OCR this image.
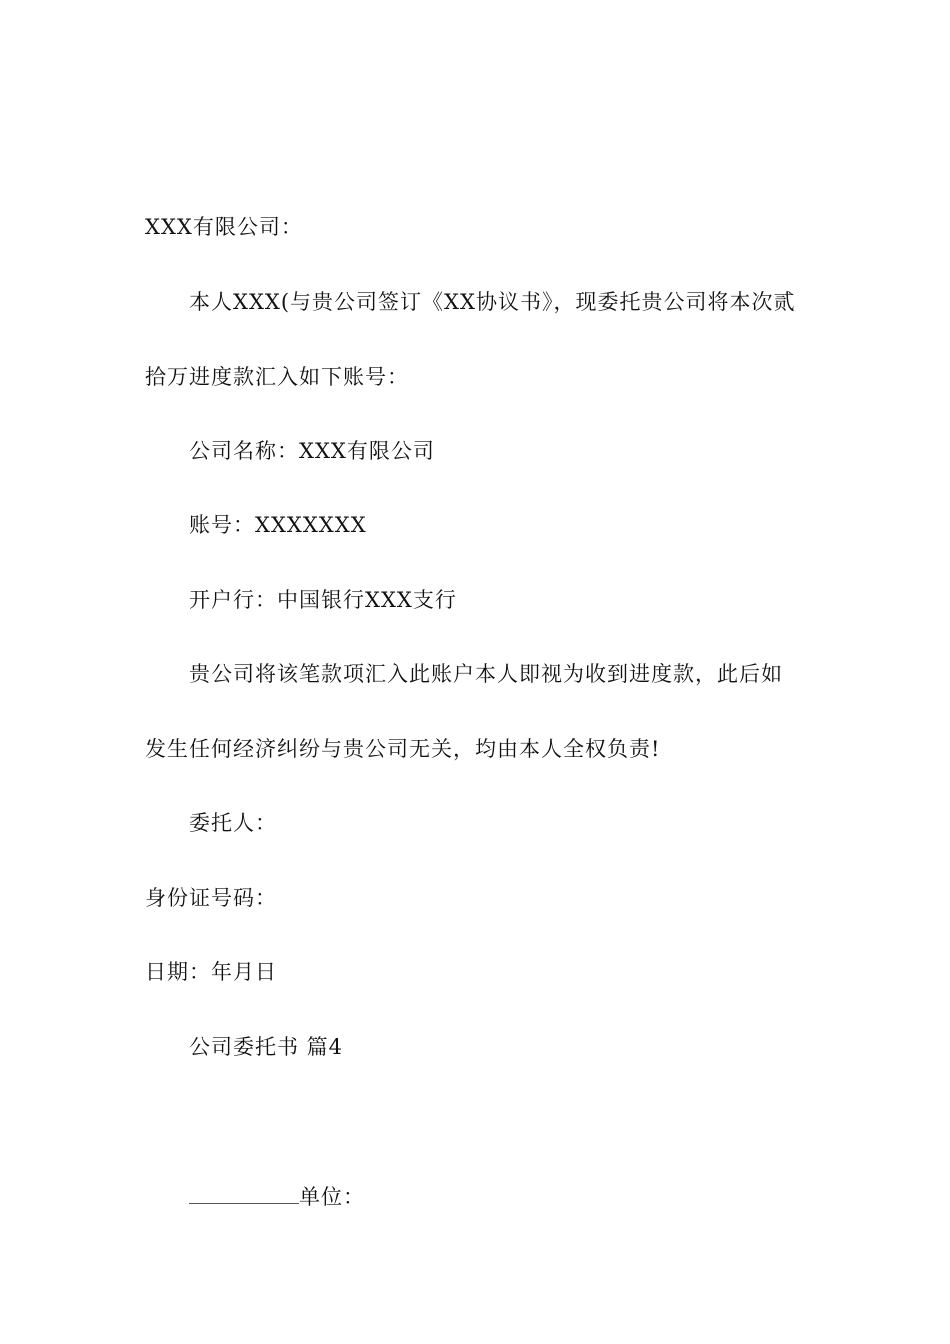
XXX有限公司：
本人XXX(与贵公司签订《XX协议书》，现委托贵公司将本次贰
拾万进度款汇入如下账号：
公司名称：XXX有限公司
账号：XXXXXXX
开户行：中国银行XXX支行
贵公司将该笔款项汇入此账户本人即视为收到进度款，此后如
发生任何经济纠纷与贵公司无关，均由本人全权负责!
委托人：
身份证号码：
日期：年月日
公司委托书 篇4
单位：
